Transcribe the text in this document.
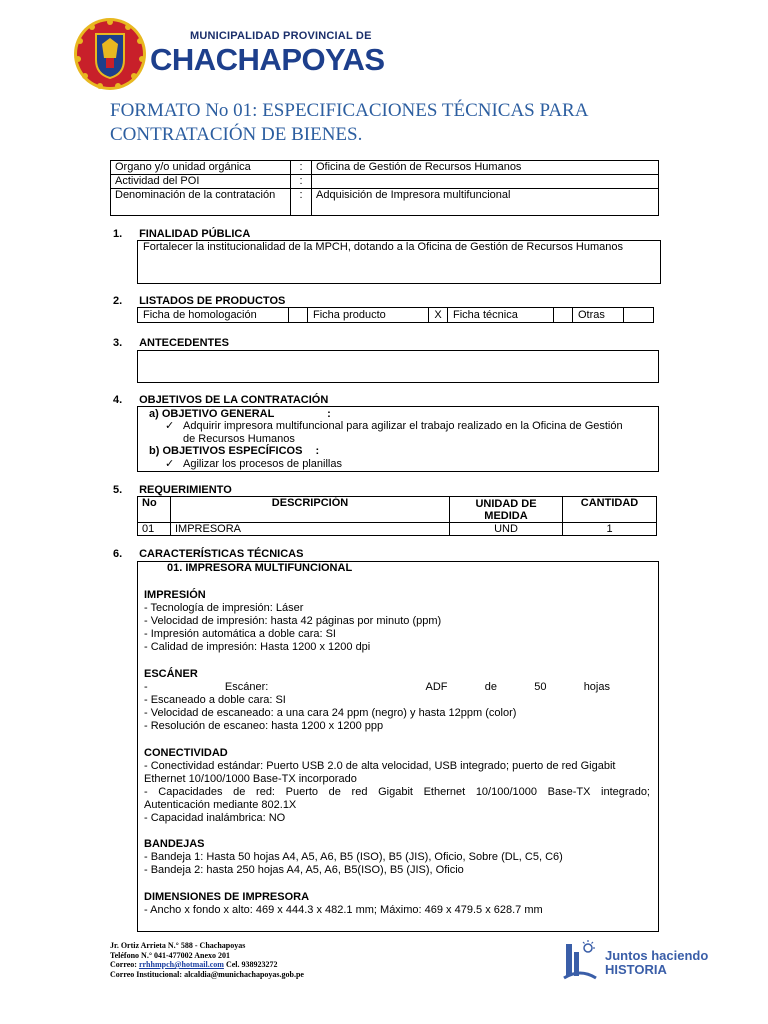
MUNICIPALIDAD PROVINCIAL DE
CHACHAPOYAS
FORMATO No 01: ESPECIFICACIONES TÉCNICAS PARA
CONTRATACIÓN DE BIENES.
Organo y/o unidad orgánica	:	Oficina de Gestión de Recursos Humanos
Actividad del POI	:	
Denominación de la contratación	:	Adquisición de Impresora multifuncional
1. FINALIDAD PÚBLICA
Fortalecer la institucionalidad de la MPCH, dotando a la Oficina de Gestión de Recursos Humanos
2. LISTADOS DE PRODUCTOS
Ficha de homologación		Ficha producto	X	Ficha técnica		Otras	
3. ANTECEDENTES
4. OBJETIVOS DE LA CONTRATACIÓN
a) OBJETIVO GENERAL	:
✓ Adquirir impresora multifuncional para agilizar el trabajo realizado en la Oficina de Gestión
de Recursos Humanos
b) OBJETIVOS ESPECÍFICOS :
✓ Agilizar los procesos de planillas
5. REQUERIMIENTO
No	DESCRIPCIÓN	UNIDAD DE MEDIDA	CANTIDAD
01	IMPRESORA	UND	1
6. CARACTERÍSTICAS TÉCNICAS
01. IMPRESORA MULTIFUNCIONAL
IMPRESIÓN
- Tecnología de impresión: Láser
- Velocidad de impresión: hasta 42 páginas por minuto (ppm)
- Impresión automática a doble cara: SI
- Calidad de impresión: Hasta 1200 x 1200 dpi
ESCÁNER
-	Escáner:	ADF	de	50	hojas
- Escaneado a doble cara: SI
- Velocidad de escaneado: a una cara 24 ppm (negro) y hasta 12ppm (color)
- Resolución de escaneo: hasta 1200 x 1200 ppp
CONECTIVIDAD
- Conectividad estándar: Puerto USB 2.0 de alta velocidad, USB integrado; puerto de red Gigabit
Ethernet 10/100/1000 Base-TX incorporado
- Capacidades de red: Puerto de red Gigabit Ethernet 10/100/1000 Base-TX integrado;
Autenticación mediante 802.1X
- Capacidad inalámbrica: NO
BANDEJAS
- Bandeja 1: Hasta 50 hojas A4, A5, A6, B5 (ISO), B5 (JIS), Oficio, Sobre (DL, C5, C6)
- Bandeja 2: hasta 250 hojas A4, A5, A6, B5(ISO), B5 (JIS), Oficio
DIMENSIONES DE IMPRESORA
- Ancho x fondo x alto: 469 x 444.3 x 482.1 mm; Máximo: 469 x 479.5 x 628.7 mm
Jr. Ortiz Arrieta N.° 588 - Chachapoyas
Teléfono N.° 041-477002 Anexo 201
Correo: rrhhmpch@hotmail.com Cel. 938923272
Correo Institucional: alcaldia@munichachapoyas.gob.pe
Juntos haciendo
HISTORIA
